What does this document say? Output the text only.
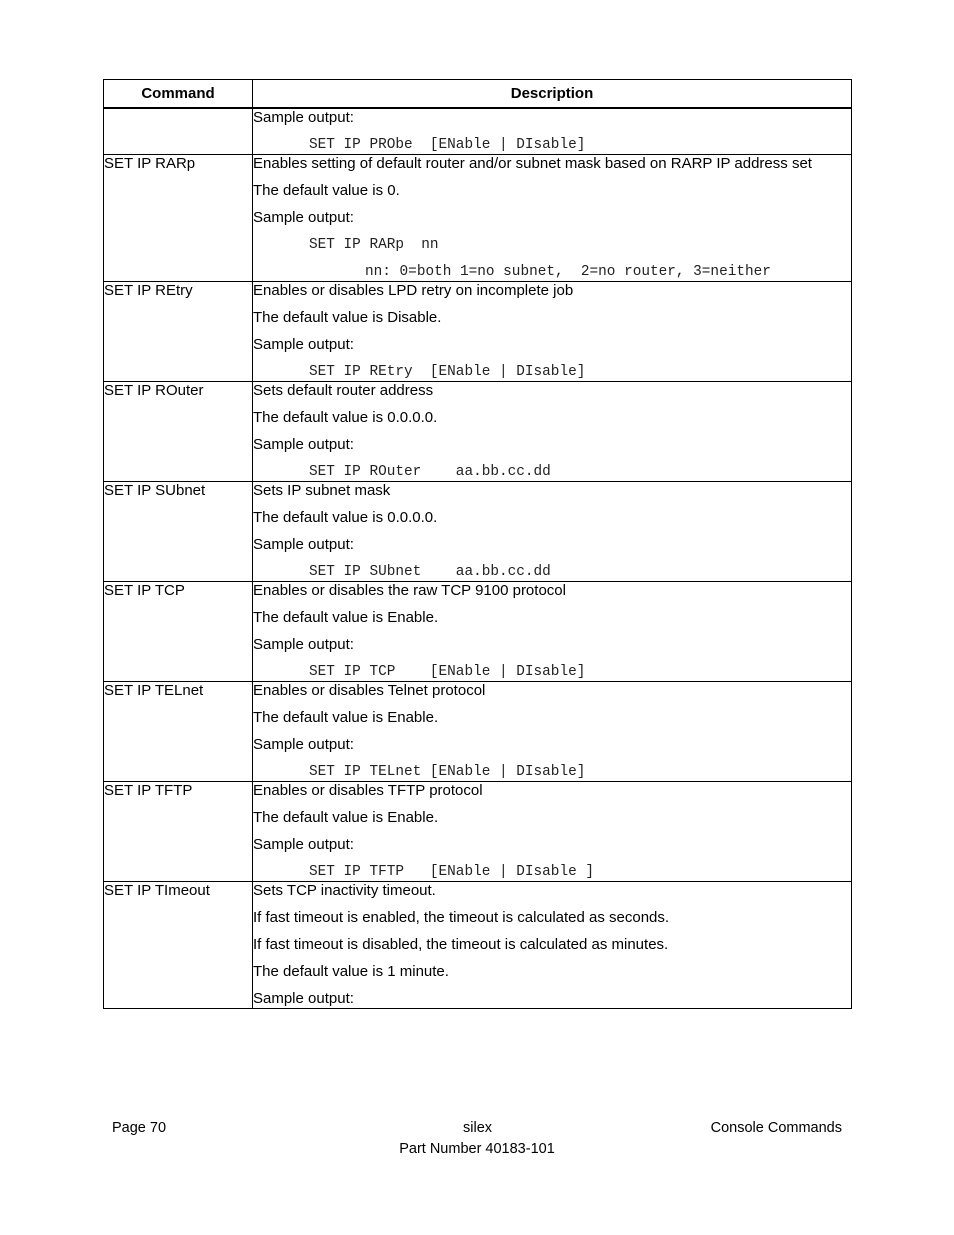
Command	Description

	Sample output:
SET IP PRObe  [ENable | DIsable]

SET IP RARp	Enables setting of default router and/or subnet mask based on RARP IP address set
The default value is 0.
Sample output:
SET IP RARp  nn
nn: 0=both 1=no subnet,  2=no router, 3=neither

SET IP REtry	Enables or disables LPD retry on incomplete job
The default value is Disable.
Sample output:
SET IP REtry  [ENable | DIsable]

SET IP ROuter	Sets default router address
The default value is 0.0.0.0.
Sample output:
SET IP ROuter    aa.bb.cc.dd

SET IP SUbnet	Sets IP subnet mask
The default value is 0.0.0.0.
Sample output:
SET IP SUbnet    aa.bb.cc.dd

SET IP TCP	Enables or disables the raw TCP 9100 protocol
The default value is Enable.
Sample output:
SET IP TCP    [ENable | DIsable]

SET IP TELnet	Enables or disables Telnet protocol
The default value is Enable.
Sample output:
SET IP TELnet [ENable | DIsable]

SET IP TFTP	Enables or disables TFTP protocol
The default value is Enable.
Sample output:
SET IP TFTP   [ENable | DIsable ]

SET IP TImeout	Sets TCP inactivity timeout.
If fast timeout is enabled, the timeout is calculated as seconds.
If fast timeout is disabled, the timeout is calculated as minutes.
The default value is 1 minute.
Sample output:
Page 70	silex	Console Commands
Part Number 40183-101
